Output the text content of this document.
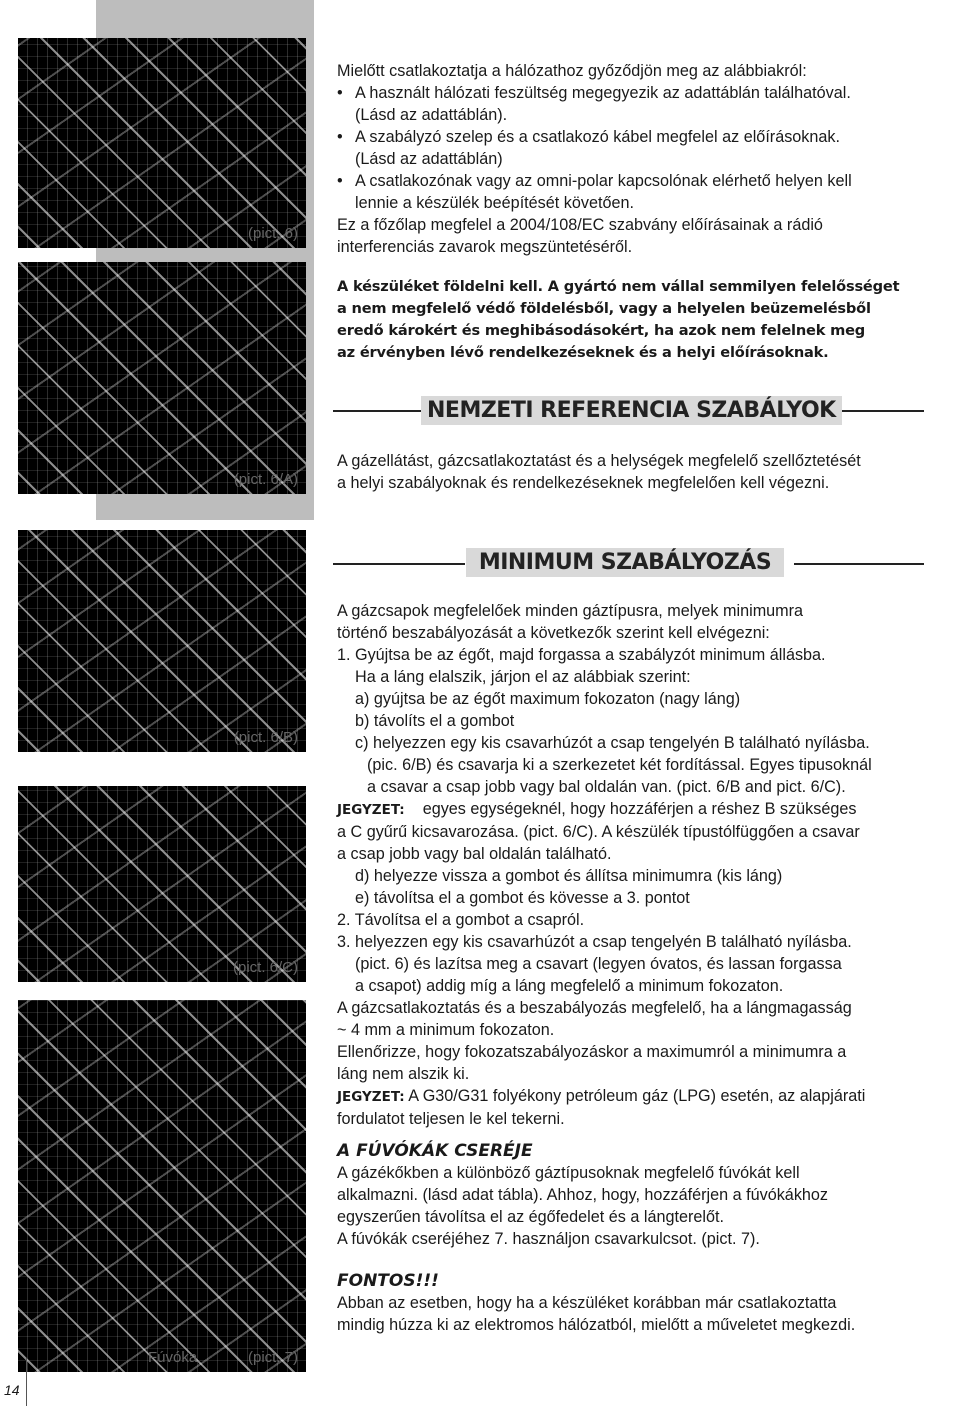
(pict. 6)
(pict. 6/A)
(pict. 6/B)
(pict. 6/C)
Fúvóka	(pict. 7)
14

Mielőtt csatlakoztatja a hálózathoz győződjön meg az alábbiakról:

• A használt hálózati feszültség megegyezik az adattáblán találhatóval.

(Lásd az adattáblán).

• A szabályzó szelep és a csatlakozó kábel megfelel az előírásoknak.

(Lásd az adattáblán)

• A csatlakozónak vagy az omni-polar kapcsolónak elérhető helyen kell

lennie a készülék beépítését követően.

Ez a főzőlap megfelel a 2004/108/EC szabvány előírásainak a rádió

interferenciás zavarok megszüntetéséről.

A készüléket földelni kell. A gyártó nem vállal semmilyen felelősséget

a nem megfelelő védő földelésből, vagy a helyelen beüzemelésből

eredő károkért és meghibásodásokért, ha azok nem felelnek meg

az érvényben lévő rendelkezéseknek és a helyi előírásoknak.

NEMZETI REFERENCIA SZABÁLYOK

A gázellátást, gázcsatlakoztatást és a helységek megfelelő szellőztetését

a helyi szabályoknak és rendelkezéseknek megfelelően kell végezni.

MINIMUM SZABÁLYOZÁS

A gázcsapok megfelelőek minden gáztípusra, melyek minimumra

történő beszabályozását a következők szerint kell elvégezni:

1. Gyújtsa be az égőt, majd forgassa a szabályzót minimum állásba.

Ha a láng elalszik, járjon el az alábbiak szerint:

a) gyújtsa be az égőt maximum fokozaton (nagy láng)

b) távolíts el a gombot

c) helyezzen egy kis csavarhúzót a csap tengelyén B található nyílásba.

(pic. 6/B) és csavarja ki a szerkezetet két fordítással. Egyes tipusoknál

a csavar a csap jobb vagy bal oldalán van. (pict. 6/B and pict. 6/C).

JEGYZET: egyes egységeknél, hogy hozzáférjen a réshez B szükséges

a C gyűrű kicsavarozása. (pict. 6/C). A készülék típustólfüggően a csavar

a csap jobb vagy bal oldalán található.

d) helyezze vissza a gombot és állítsa minimumra (kis láng)

e) távolítsa el a gombot és kövesse a 3. pontot

2. Távolítsa el a gombot a csapról.

3. helyezzen egy kis csavarhúzót a csap tengelyén B található nyílásba.

(pict. 6) és lazítsa meg a csavart (legyen óvatos, és lassan forgassa

a csapot) addig míg a láng megfelelő a minimum fokozaton.

A gázcsatlakoztatás és a beszabályozás megfelelő, ha a lángmagasság

~ 4 mm a minimum fokozaton.

Ellenőrizze, hogy fokozatszabályozáskor a maximumról a minimumra a

láng nem alszik ki.

JEGYZET: A G30/G31 folyékony petróleum gáz (LPG) esetén, az alapjárati

fordulatot teljesen le kel tekerni.

A FÚVÓKÁK CSERÉJE

A gázékőkben a különböző gáztípusoknak megfelelő fúvókát kell

alkalmazni. (lásd adat tábla). Ahhoz, hogy, hozzáférjen a fúvókákhoz

egyszerűen távolítsa el az égőfedelet és a lángterelőt.

A fúvókák cseréjéhez 7. használjon csavarkulcsot. (pict. 7).

FONTOS!!!

Abban az esetben, hogy ha a készüléket korábban már csatlakoztatta

mindig húzza ki az elektromos hálózatból, mielőtt a műveletet megkezdi.
